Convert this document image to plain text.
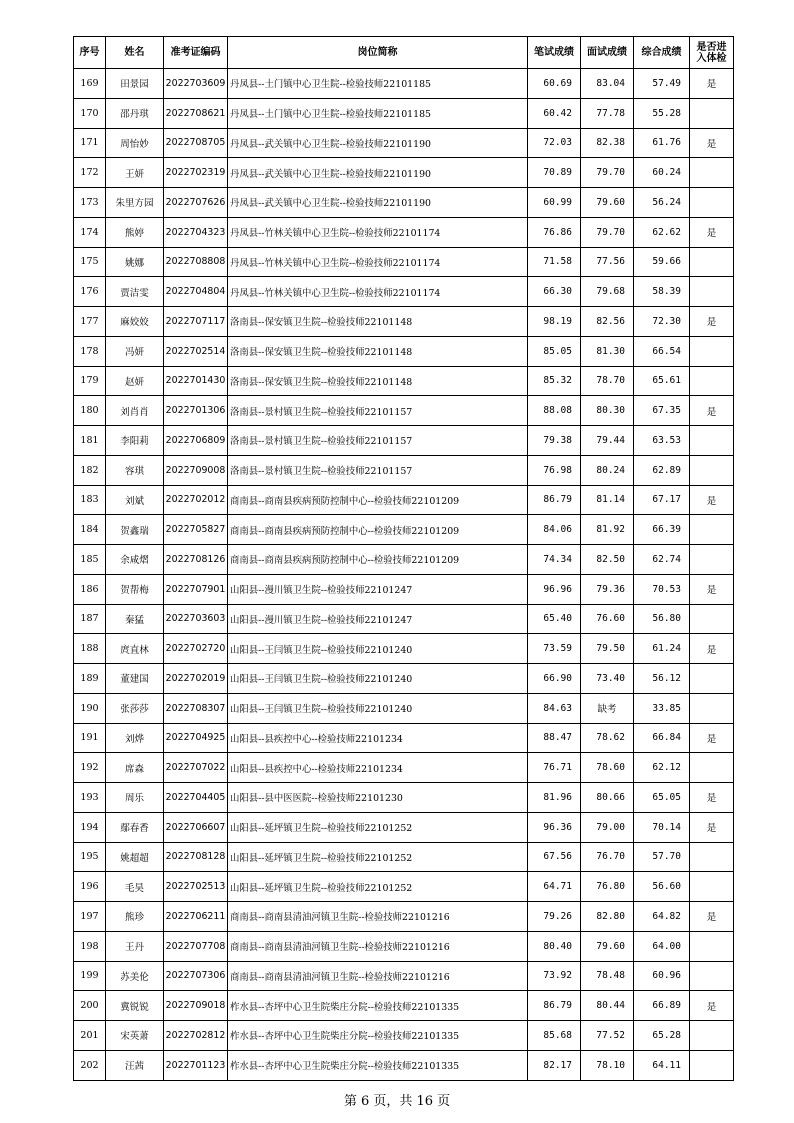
序号	姓名	准考证编码	岗位简称	笔试成绩	面试成绩	综合成绩	是否进入体检
169	田景园	2022703609	丹凤县--土门镇中心卫生院--检验技师22101185	60.69	83.04	57.49	是
170	邵丹琪	2022708621	丹凤县--土门镇中心卫生院--检验技师22101185	60.42	77.78	55.28	
171	周怡妙	2022708705	丹凤县--武关镇中心卫生院--检验技师22101190	72.03	82.38	61.76	是
172	王妍	2022702319	丹凤县--武关镇中心卫生院--检验技师22101190	70.89	79.70	60.24	
173	朱里方园	2022707626	丹凤县--武关镇中心卫生院--检验技师22101190	60.99	79.60	56.24	
174	熊婷	2022704323	丹凤县--竹林关镇中心卫生院--检验技师22101174	76.86	79.70	62.62	是
175	姚娜	2022708808	丹凤县--竹林关镇中心卫生院--检验技师22101174	71.58	77.56	59.66	
176	贾洁雯	2022704804	丹凤县--竹林关镇中心卫生院--检验技师22101174	66.30	79.68	58.39	
177	麻姣姣	2022707117	洛南县--保安镇卫生院--检验技师22101148	98.19	82.56	72.30	是
178	冯妍	2022702514	洛南县--保安镇卫生院--检验技师22101148	85.05	81.30	66.54	
179	赵妍	2022701430	洛南县--保安镇卫生院--检验技师22101148	85.32	78.70	65.61	
180	刘肖肖	2022701306	洛南县--景村镇卫生院--检验技师22101157	88.08	80.30	67.35	是
181	李阳莉	2022706809	洛南县--景村镇卫生院--检验技师22101157	79.38	79.44	63.53	
182	容琪	2022709008	洛南县--景村镇卫生院--检验技师22101157	76.98	80.24	62.89	
183	刘斌	2022702012	商南县--商南县疾病预防控制中心--检验技师22101209	86.79	81.14	67.17	是
184	贺鑫瑞	2022705827	商南县--商南县疾病预防控制中心--检验技师22101209	84.06	81.92	66.39	
185	余咸熠	2022708126	商南县--商南县疾病预防控制中心--检验技师22101209	74.34	82.50	62.74	
186	贺帮梅	2022707901	山阳县--漫川镇卫生院--检验技师22101247	96.96	79.36	70.53	是
187	秦猛	2022703603	山阳县--漫川镇卫生院--检验技师22101247	65.40	76.60	56.80	
188	庹直林	2022702720	山阳县--王闫镇卫生院--检验技师22101240	73.59	79.50	61.24	是
189	董建国	2022702019	山阳县--王闫镇卫生院--检验技师22101240	66.90	73.40	56.12	
190	张莎莎	2022708307	山阳县--王闫镇卫生院--检验技师22101240	84.63	缺考	33.85	
191	刘烨	2022704925	山阳县--县疾控中心--检验技师22101234	88.47	78.62	66.84	是
192	席森	2022707022	山阳县--县疾控中心--检验技师22101234	76.71	78.60	62.12	
193	周乐	2022704405	山阳县--县中医医院--检验技师22101230	81.96	80.66	65.05	是
194	鄢春香	2022706607	山阳县--延坪镇卫生院--检验技师22101252	96.36	79.00	70.14	是
195	姚超超	2022708128	山阳县--延坪镇卫生院--检验技师22101252	67.56	76.70	57.70	
196	毛昊	2022702513	山阳县--延坪镇卫生院--检验技师22101252	64.71	76.80	56.60	
197	熊珍	2022706211	商南县--商南县清油河镇卫生院--检验技师22101216	79.26	82.80	64.82	是
198	王丹	2022707708	商南县--商南县清油河镇卫生院--检验技师22101216	80.40	79.60	64.00	
199	苏美伦	2022707306	商南县--商南县清油河镇卫生院--检验技师22101216	73.92	78.48	60.96	
200	冀锐锐	2022709018	柞水县--杏坪中心卫生院柴庄分院--检验技师22101335	86.79	80.44	66.89	是
201	宋英萧	2022702812	柞水县--杏坪中心卫生院柴庄分院--检验技师22101335	85.68	77.52	65.28	
202	汪茜	2022701123	柞水县--杏坪中心卫生院柴庄分院--检验技师22101335	82.17	78.10	64.11	
第 6 页，共 16 页
